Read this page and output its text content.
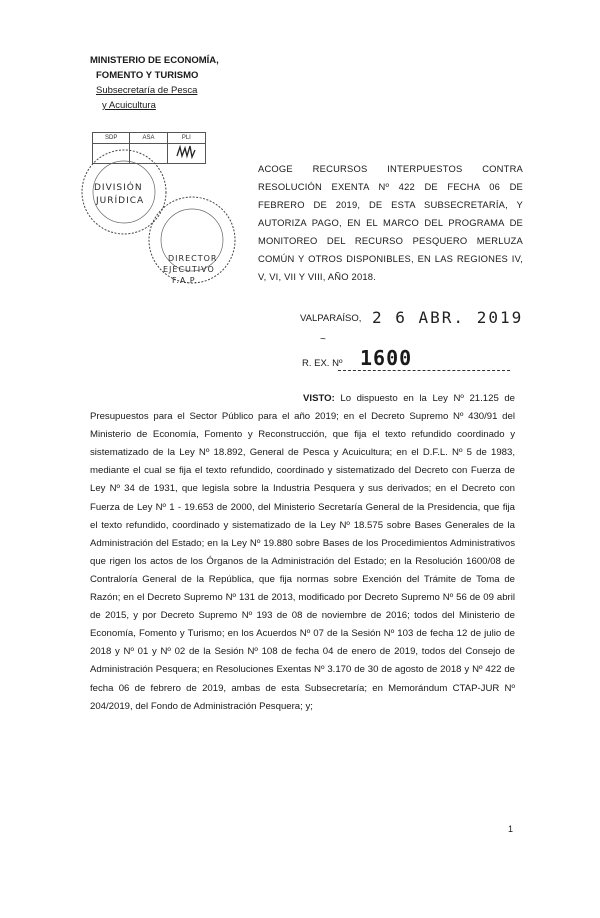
MINISTERIO DE ECONOMÍA,
FOMENTO Y TURISMO
Subsecretaría de Pesca
y Acuicultura
SDP	ASA	PLI
DIVISIÓN
JURÍDICA
DIRECTOR
EJECUTIVO
F.A.P.
ACOGE RECURSOS INTERPUESTOS CONTRA RESOLUCIÓN EXENTA Nº 422 DE FECHA 06 DE FEBRERO DE 2019, DE ESTA SUBSECRETARÍA, Y AUTORIZA PAGO, EN EL MARCO DEL PROGRAMA DE MONITOREO DEL RECURSO PESQUERO MERLUZA COMÚN Y OTROS DISPONIBLES, EN LAS REGIONES IV, V, VI, VII Y VIII, AÑO 2018.
VALPARAÍSO, 2 6 ABR. 2019
~
R. EX. Nº 1600
VISTO: Lo dispuesto en la Ley Nº 21.125 de Presupuestos para el Sector Público para el año 2019; en el Decreto Supremo Nº 430/91 del Ministerio de Economía, Fomento y Reconstrucción, que fija el texto refundido coordinado y sistematizado de la Ley Nº 18.892, General de Pesca y Acuicultura; en el D.F.L. Nº 5 de 1983, mediante el cual se fija el texto refundido, coordinado y sistematizado del Decreto con Fuerza de Ley Nº 34 de 1931, que legisla sobre la Industria Pesquera y sus derivados; en el Decreto con Fuerza de Ley Nº 1 - 19.653 de 2000, del Ministerio Secretaría General de la Presidencia, que fija el texto refundido, coordinado y sistematizado de la Ley Nº 18.575 sobre Bases Generales de la Administración del Estado; en la Ley Nº 19.880 sobre Bases de los Procedimientos Administrativos que rigen los actos de los Órganos de la Administración del Estado; en la Resolución 1600/08 de Contraloría General de la República, que fija normas sobre Exención del Trámite de Toma de Razón; en el Decreto Supremo Nº 131 de 2013, modificado por Decreto Supremo Nº 56 de 09 abril de 2015, y por Decreto Supremo Nº 193 de 08 de noviembre de 2016; todos del Ministerio de Economía, Fomento y Turismo; en los Acuerdos Nº 07 de la Sesión Nº 103 de fecha 12 de julio de 2018 y Nº 01 y Nº 02 de la Sesión Nº 108 de fecha 04 de enero de 2019, todos del Consejo de Administración Pesquera; en Resoluciones Exentas Nº 3.170 de 30 de agosto de 2018 y Nº 422 de fecha 06 de febrero de 2019, ambas de esta Subsecretaría; en Memorándum CTAP-JUR Nº 204/2019, del Fondo de Administración Pesquera; y;
1
